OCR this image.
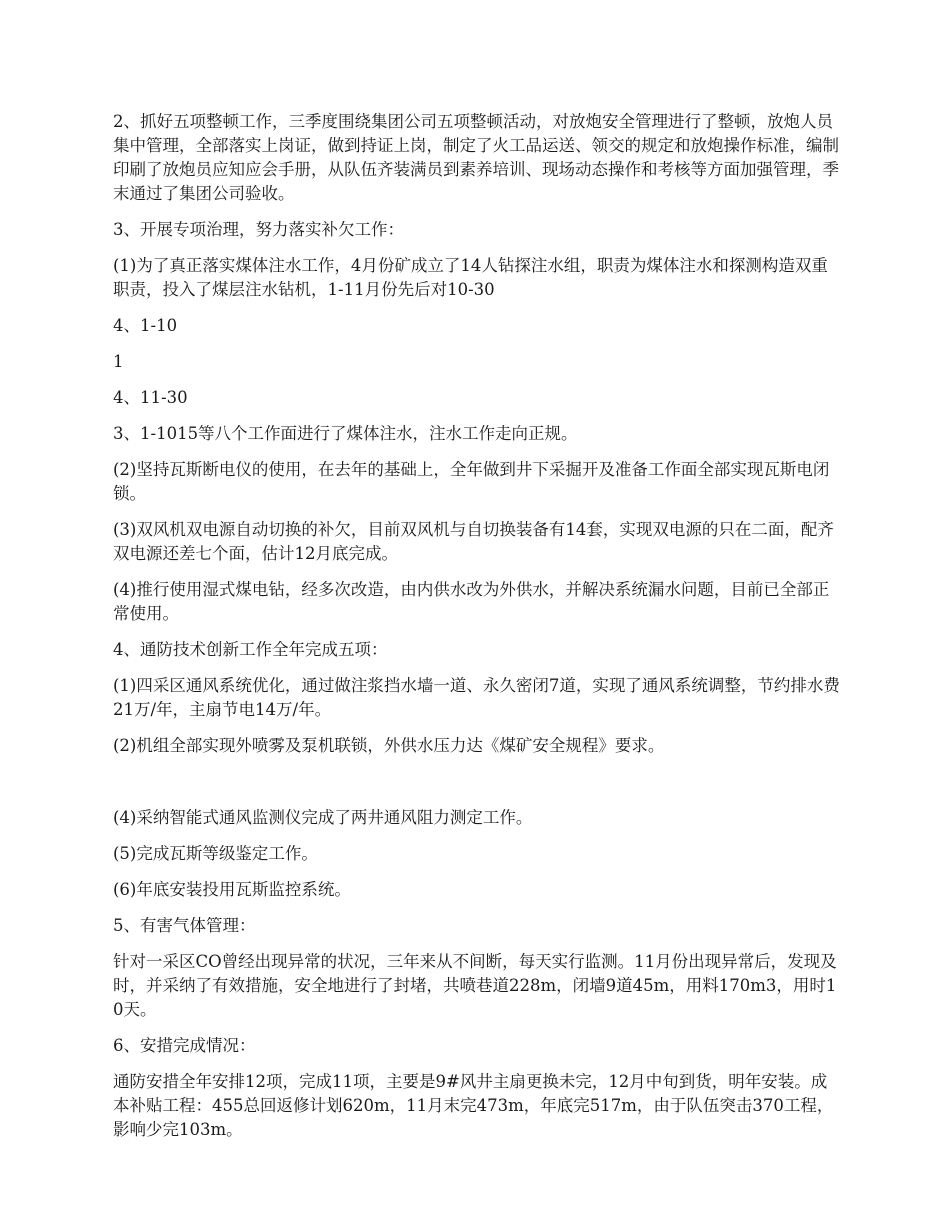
2、抓好五项整顿工作，三季度围绕集团公司五项整顿活动，对放炮安全管理进行了整顿，放炮人员集中管理，全部落实上岗证，做到持证上岗，制定了火工品运送、领交的规定和放炮操作标准，编制印刷了放炮员应知应会手册，从队伍齐装满员到素养培训、现场动态操作和考核等方面加强管理，季末通过了集团公司验收。

3、开展专项治理，努力落实补欠工作：

(1)为了真正落实煤体注水工作，4月份矿成立了14人钻探注水组，职责为煤体注水和探测构造双重职责，投入了煤层注水钻机，1-11月份先后对10-30

4、1-10

1

4、11-30

3、1-1015等八个工作面进行了煤体注水，注水工作走向正规。

(2)坚持瓦斯断电仪的使用，在去年的基础上，全年做到井下采掘开及准备工作面全部实现瓦斯电闭锁。

(3)双风机双电源自动切换的补欠，目前双风机与自切换装备有14套，实现双电源的只在二面，配齐双电源还差七个面，估计12月底完成。

(4)推行使用湿式煤电钻，经多次改造，由内供水改为外供水，并解决系统漏水问题，目前已全部正常使用。

4、通防技术创新工作全年完成五项：

(1)四采区通风系统优化，通过做注浆挡水墙一道、永久密闭7道，实现了通风系统调整，节约排水费21万/年，主扇节电14万/年。

(2)机组全部实现外喷雾及泵机联锁，外供水压力达《煤矿安全规程》要求。

(4)采纳智能式通风监测仪完成了两井通风阻力测定工作。

(5)完成瓦斯等级鉴定工作。

(6)年底安装投用瓦斯监控系统。

5、有害气体管理：

针对一采区CO曾经出现异常的状况，三年来从不间断，每天实行监测。11月份出现异常后，发现及时，并采纳了有效措施，安全地进行了封堵，共喷巷道228m，闭墙9道45m，用料170m3，用时10天。

6、安措完成情况：

通防安措全年安排12项，完成11项，主要是9#风井主扇更换未完，12月中旬到货，明年安装。成本补贴工程：455总回返修计划620m，11月末完473m，年底完517m，由于队伍突击370工程，影响少完103m。
